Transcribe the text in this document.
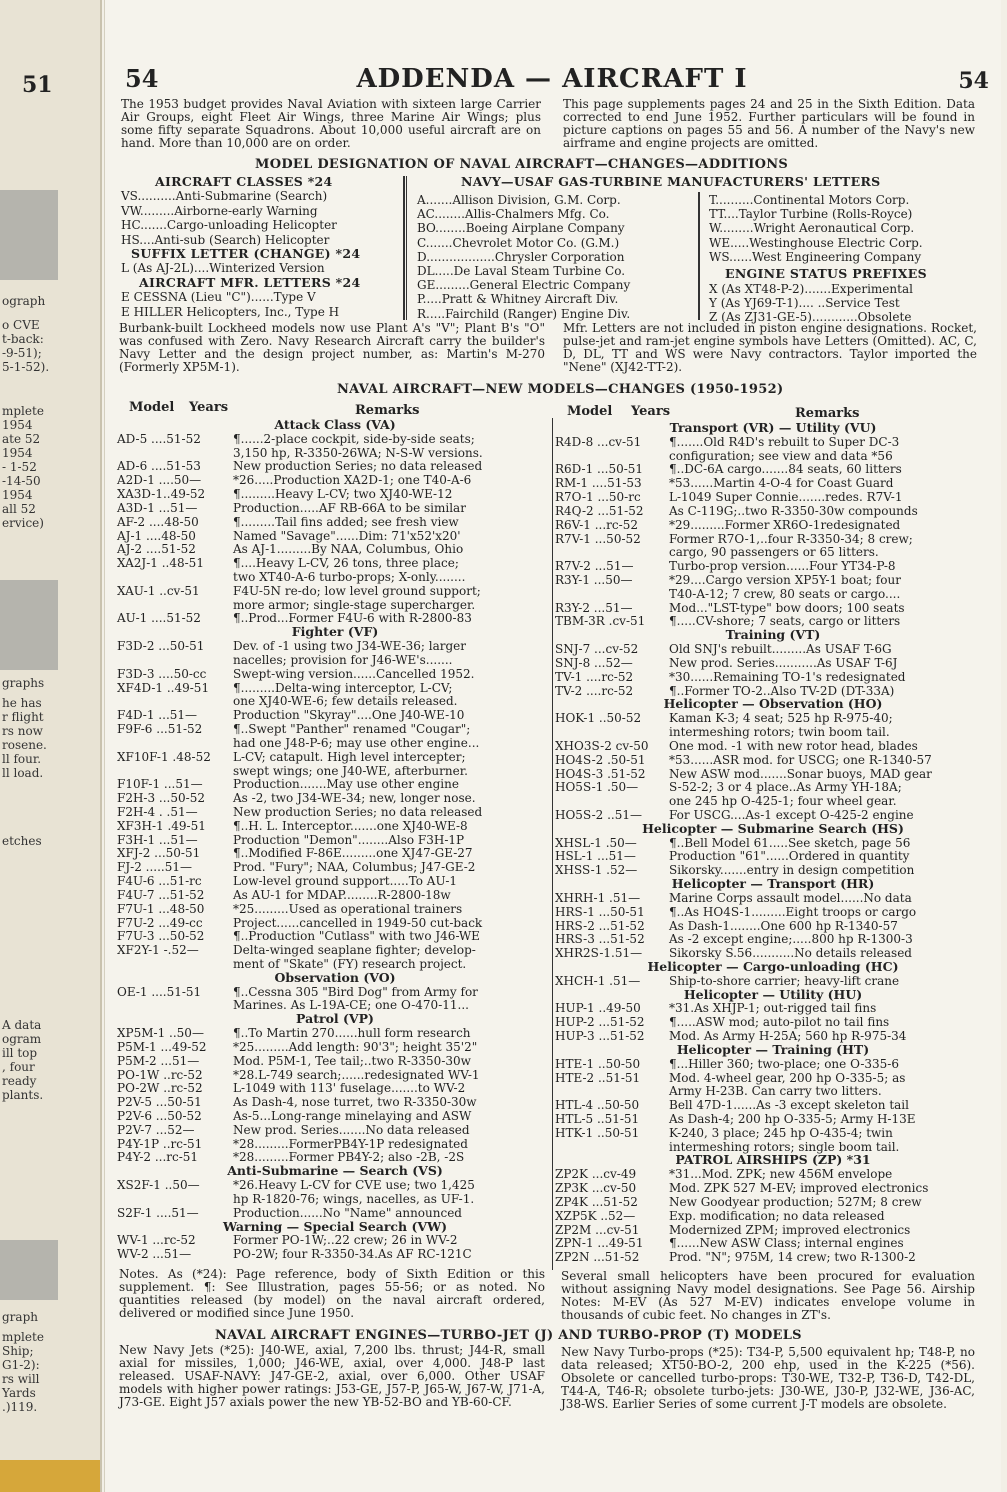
51
ograph
o CVE
t-back:
-9-51);
5-1-52).
mplete
1954
ate 52
1954
- 1-52
-14-50
1954
all 52
ervice)
graphs
he has
r flight
rs now
rosene.
ll four.
ll load.
etches
A data
ogram
ill top
, four
ready
plants.
graph
mplete
Ship;
G1-2):
rs will
Yards
.)119.
54	ADDENDA — AIRCRAFT I	54
The 1953 budget provides Naval Aviation with sixteen large Carrier Air Groups, eight Fleet Air Wings, three Marine Air Wings; plus some fifty separate Squadrons. About 10,000 useful aircraft are on hand. More than 10,000 are on order.
This page supplements pages 24 and 25 in the Sixth Edition. Data corrected to end June 1952. Further particulars will be found in picture captions on pages 55 and 56. A number of the Navy's new airframe and engine projects are omitted.
MODEL DESIGNATION OF NAVAL AIRCRAFT—CHANGES—ADDITIONS
AIRCRAFT CLASSES *24
VS..........Anti-Submarine (Search)
VW.........Airborne-early Warning
HC.......Cargo-unloading Helicopter
HS....Anti-sub (Search) Helicopter
SUFFIX LETTER (CHANGE) *24
L (As AJ-2L)....Winterized Version
AIRCRAFT MFR. LETTERS *24
E CESSNA (Lieu "C")......Type V
E HILLER Helicopters, Inc., Type H
NAVY—USAF GAS-TURBINE MANUFACTURERS' LETTERS
A.......Allison Division, G.M. Corp.
AC........Allis-Chalmers Mfg. Co.
BO........Boeing Airplane Company
C.......Chevrolet Motor Co. (G.M.)
D..................Chrysler Corporation
DL.....De Laval Steam Turbine Co.
GE.........General Electric Company
P.....Pratt & Whitney Aircraft Div.
R.....Fairchild (Ranger) Engine Div.
T..........Continental Motors Corp.
TT....Taylor Turbine (Rolls-Royce)
W.........Wright Aeronautical Corp.
WE.....Westinghouse Electric Corp.
WS......West Engineering Company
ENGINE STATUS PREFIXES
X (As XT48-P-2).......Experimental
Y (As YJ69-T-1).... ..Service Test
Z (As ZJ31-GE-5)............Obsolete
Burbank-built Lockheed models now use Plant A's "V"; Plant B's "O" was confused with Zero. Navy Research Aircraft carry the builder's Navy Letter and the design project number, as: Martin's M-270 (Formerly XP5M-1).
Mfr. Letters are not included in piston engine designations. Rocket, pulse-jet and ram-jet engine symbols have Letters (Omitted). AC, C, D, DL, TT and WS were Navy contractors. Taylor imported the "Nene" (XJ42-TT-2).
NAVAL AIRCRAFT—NEW MODELS—CHANGES (1950-1952)
Model Years	Remarks	Model Years	Remarks
Attack Class (VA)
AD-5 ....51-52	¶......2-place cockpit, side-by-side seats;
3,150 hp, R-3350-26WA; N-S-W versions.
AD-6 ....51-53	New production Series; no data released
A2D-1 ....50—	*26.....Production XA2D-1; one T40-A-6
XA3D-1..49-52 ¶.........Heavy L-CV; two XJ40-WE-12
A3D-1 ...51—	Production.....AF RB-66A to be similar
AF-2 ....48-50	¶.........Tail fins added; see fresh view
AJ-1 ....48-50	Named "Savage"......Dim: 71'x52'x20'
AJ-2 ....51-52	As AJ-1.........By NAA, Columbus, Ohio
XA2J-1 ..48-51 ¶....Heavy L-CV, 26 tons, three place;
two XT40-A-6 turbo-props; X-only........
XAU-1 ..cv-51	F4U-5N re-do; low level ground support;
more armor; single-stage supercharger.
AU-1 ....51-52	¶..Prod...Former F4U-6 with R-2800-83
Fighter (VF)
F3D-2 ...50-51 Dev. of -1 using two J34-WE-36; larger
nacelles; provision for J46-WE's.......
F3D-3 ....50-cc Swept-wing version......Cancelled 1952.
XF4D-1 ..49-51 ¶.........Delta-wing interceptor, L-CV;
one XJ40-WE-6; few details released.
F4D-1 ...51—	Production "Skyray"....One J40-WE-10
F9F-6 ...51-52	¶..Swept "Panther" renamed "Cougar";
had one J48-P-6; may use other engine...
XF10F-1 .48-52 L-CV; catapult. High level intercepter;
swept wings; one J40-WE, afterburner.
F10F-1 ...51—	Production.......May use other engine
F2H-3 ...50-52 As -2, two J34-WE-34; new, longer nose.
F2H-4 . .51—	New production Series; no data released
XF3H-1 .49-51 ¶..H. L. Interceptor.......one XJ40-WE-8
F3H-1 ...51—	Production "Demon"........Also F3H-1P
XFJ-2 ...50-51	¶..Modified F-86E.........one XJ47-GE-27
FJ-2 .....51—	Prod. "Fury"; NAA, Columbus; J47-GE-2
F4U-6 ...51-rc	Low-level ground support.....To AU-1
F4U-7 ...51-52 As AU-1 for MDAP.........R-2800-18w
F7U-1 ...48-50 *25.........Used as operational trainers
F7U-2 ...49-cc	Project......cancelled in 1949-50 cut-back
F7U-3 ...50-52 ¶..Production "Cutlass" with two J46-WE
XF2Y-1 -.52—	Delta-winged seaplane fighter; develop-
ment of "Skate" (FY) research project.
Observation (VO)
OE-1 ....51-51	¶..Cessna 305 "Bird Dog" from Army for
Marines. As L-19A-CE; one O-470-11...
Patrol (VP)
XP5M-1 ..50— ¶..To Martin 270......hull form research
P5M-1 ...49-52 *25.........Add length: 90'3"; height 35'2"
P5M-2 ...51—	Mod. P5M-1, Tee tail;..two R-3350-30w
PO-1W ..rc-52	*28.L-749 search;......redesignated WV-1
PO-2W ..rc-52	L-1049 with 113' fuselage.......to WV-2
P2V-5 ...50-51	As Dash-4, nose turret, two R-3350-30w
P2V-6 ...50-52	As-5...Long-range minelaying and ASW
P2V-7 ...52—	New prod. Series.......No data released
P4Y-1P ..rc-51	*28.........FormerPB4Y-1P redesignated
P4Y-2 ...rc-51	*28.........Former PB4Y-2; also -2B, -2S
Anti-Submarine — Search (VS)
XS2F-1 ..50—	*26.Heavy L-CV for CVE use; two 1,425
hp R-1820-76; wings, nacelles, as UF-1.
S2F-1 ....51—	Production......No "Name" announced
Warning — Special Search (VW)
WV-1 ...rc-52	Former PO-1W;..22 crew; 26 in WV-2
WV-2 ...51—	PO-2W; four R-3350-34.As AF RC-121C
Transport (VR) — Utility (VU)
R4D-8 ...cv-51 ¶.......Old R4D's rebuilt to Super DC-3
configuration; see view and data *56
R6D-1 ...50-51 ¶..DC-6A cargo.......84 seats, 60 litters
RM-1 ....51-53 *53......Martin 4-O-4 for Coast Guard
R7O-1 ...50-rc L-1049 Super Connie.......redes. R7V-1
R4Q-2 ...51-52 As C-119G;..two R-3350-30w compounds
R6V-1 ...rc-52	*29.........Former XR6O-1redesignated
R7V-1 ...50-52 Former R7O-1,..four R-3350-34; 8 crew;
cargo, 90 passengers or 65 litters.
R7V-2 ...51—	Turbo-prop version......Four YT34-P-8
R3Y-1 ...50—	*29....Cargo version XP5Y-1 boat; four
T40-A-12; 7 crew, 80 seats or cargo....
R3Y-2 ...51—	Mod..."LST-type" bow doors; 100 seats
TBM-3R .cv-51 ¶.....CV-shore; 7 seats, cargo or litters
Training (VT)
SNJ-7 ...cv-52	Old SNJ's rebuilt.........As USAF T-6G
SNJ-8 ...52—	New prod. Series...........As USAF T-6J
TV-1 ....rc-52	*30......Remaining TO-1's redesignated
TV-2 ....rc-52	¶..Former TO-2..Also TV-2D (DT-33A)
Helicopter — Observation (HO)
HOK-1 ..50-52 Kaman K-3; 4 seat; 525 hp R-975-40;
intermeshing rotors; twin boom tail.
XHO3S-2 cv-50 One mod. -1 with new rotor head, blades
HO4S-2 .50-51 *53......ASR mod. for USCG; one R-1340-57
HO4S-3 .51-52 New ASW mod.......Sonar buoys, MAD gear
HO5S-1 .50—	S-52-2; 3 or 4 place..As Army YH-18A;
one 245 hp O-425-1; four wheel gear.
HO5S-2 ..51— For USCG....As-1 except O-425-2 engine
Helicopter — Submarine Search (HS)
XHSL-1 .50—	¶..Bell Model 61.....See sketch, page 56
HSL-1 ...51—	Production "61"......Ordered in quantity
XHSS-1 .52—	Sikorsky.......entry in design competition
Helicopter — Transport (HR)
XHRH-1 .51— Marine Corps assault model......No data
HRS-1 ...50-51 ¶..As HO4S-1.........Eight troops or cargo
HRS-2 ...51-52 As Dash-1........One 600 hp R-1340-57
HRS-3 ...51-52 As -2 except engine;.....800 hp R-1300-3
XHR2S-1.51— Sikorsky S.56...........No details released
Helicopter — Cargo-unloading (HC)
XHCH-1 .51— Ship-to-shore carrier; heavy-lift crane
Helicopter — Utility (HU)
HUP-1 ..49-50 *31.As XHJP-1; out-rigged tail fins
HUP-2 ...51-52 ¶.....ASW mod; auto-pilot no tail fins
HUP-3 ...51-52 Mod. As Army H-25A; 560 hp R-975-34
Helicopter — Training (HT)
HTE-1 ..50-50 ¶...Hiller 360; two-place; one O-335-6
HTE-2 ..51-51 Mod. 4-wheel gear, 200 hp O-335-5; as
Army H-23B. Can carry two litters.
HTL-4 ..50-50 Bell 47D-1......As -3 except skeleton tail
HTL-5 ..51-51 As Dash-4; 200 hp O-335-5; Army H-13E
HTK-1 ..50-51 K-240, 3 place; 245 hp O-435-4; twin
intermeshing rotors; single boom tail.
PATROL AIRSHIPS (ZP) *31
ZP2K ...cv-49	*31...Mod. ZPK; new 456M envelope
ZP3K ...cv-50	Mod. ZPK 527 M-EV; improved electronics
ZP4K ...51-52	New Goodyear production; 527M; 8 crew
XZP5K ..52—	Exp. modification; no data released
ZP2M ...cv-51 Modernized ZPM; improved electronics
ZPN-1 ...49-51 ¶......New ASW Class; internal engines
ZP2N ...51-52 Prod. "N"; 975M, 14 crew; two R-1300-2
Notes. As (*24): Page reference, body of Sixth Edition or this supplement. ¶: See Illustration, pages 55-56; or as noted. No quantities released (by model) on the naval aircraft ordered, delivered or modified since June 1950.
Several small helicopters have been procured for evaluation without assigning Navy model designations. See Page 56. Airship Notes: M-EV (As 527 M-EV) indicates envelope volume in thousands of cubic feet. No changes in ZT's.
NAVAL AIRCRAFT ENGINES—TURBO-JET (J) AND TURBO-PROP (T) MODELS
New Navy Jets (*25): J40-WE, axial, 7,200 lbs. thrust; J44-R, small axial for missiles, 1,000; J46-WE, axial, over 4,000. J48-P last released. USAF-NAVY: J47-GE-2, axial, over 6,000. Other USAF models with higher power ratings: J53-GE, J57-P, J65-W, J67-W, J71-A, J73-GE. Eight J57 axials power the new YB-52-BO and YB-60-CF.
New Navy Turbo-props (*25): T34-P, 5,500 equivalent hp; T48-P, no data released; XT50-BO-2, 200 ehp, used in the K-225 (*56). Obsolete or cancelled turbo-props: T30-WE, T32-P, T36-D, T42-DL, T44-A, T46-R; obsolete turbo-jets: J30-WE, J30-P, J32-WE, J36-AC, J38-WS. Earlier Series of some current J-T models are obsolete.
